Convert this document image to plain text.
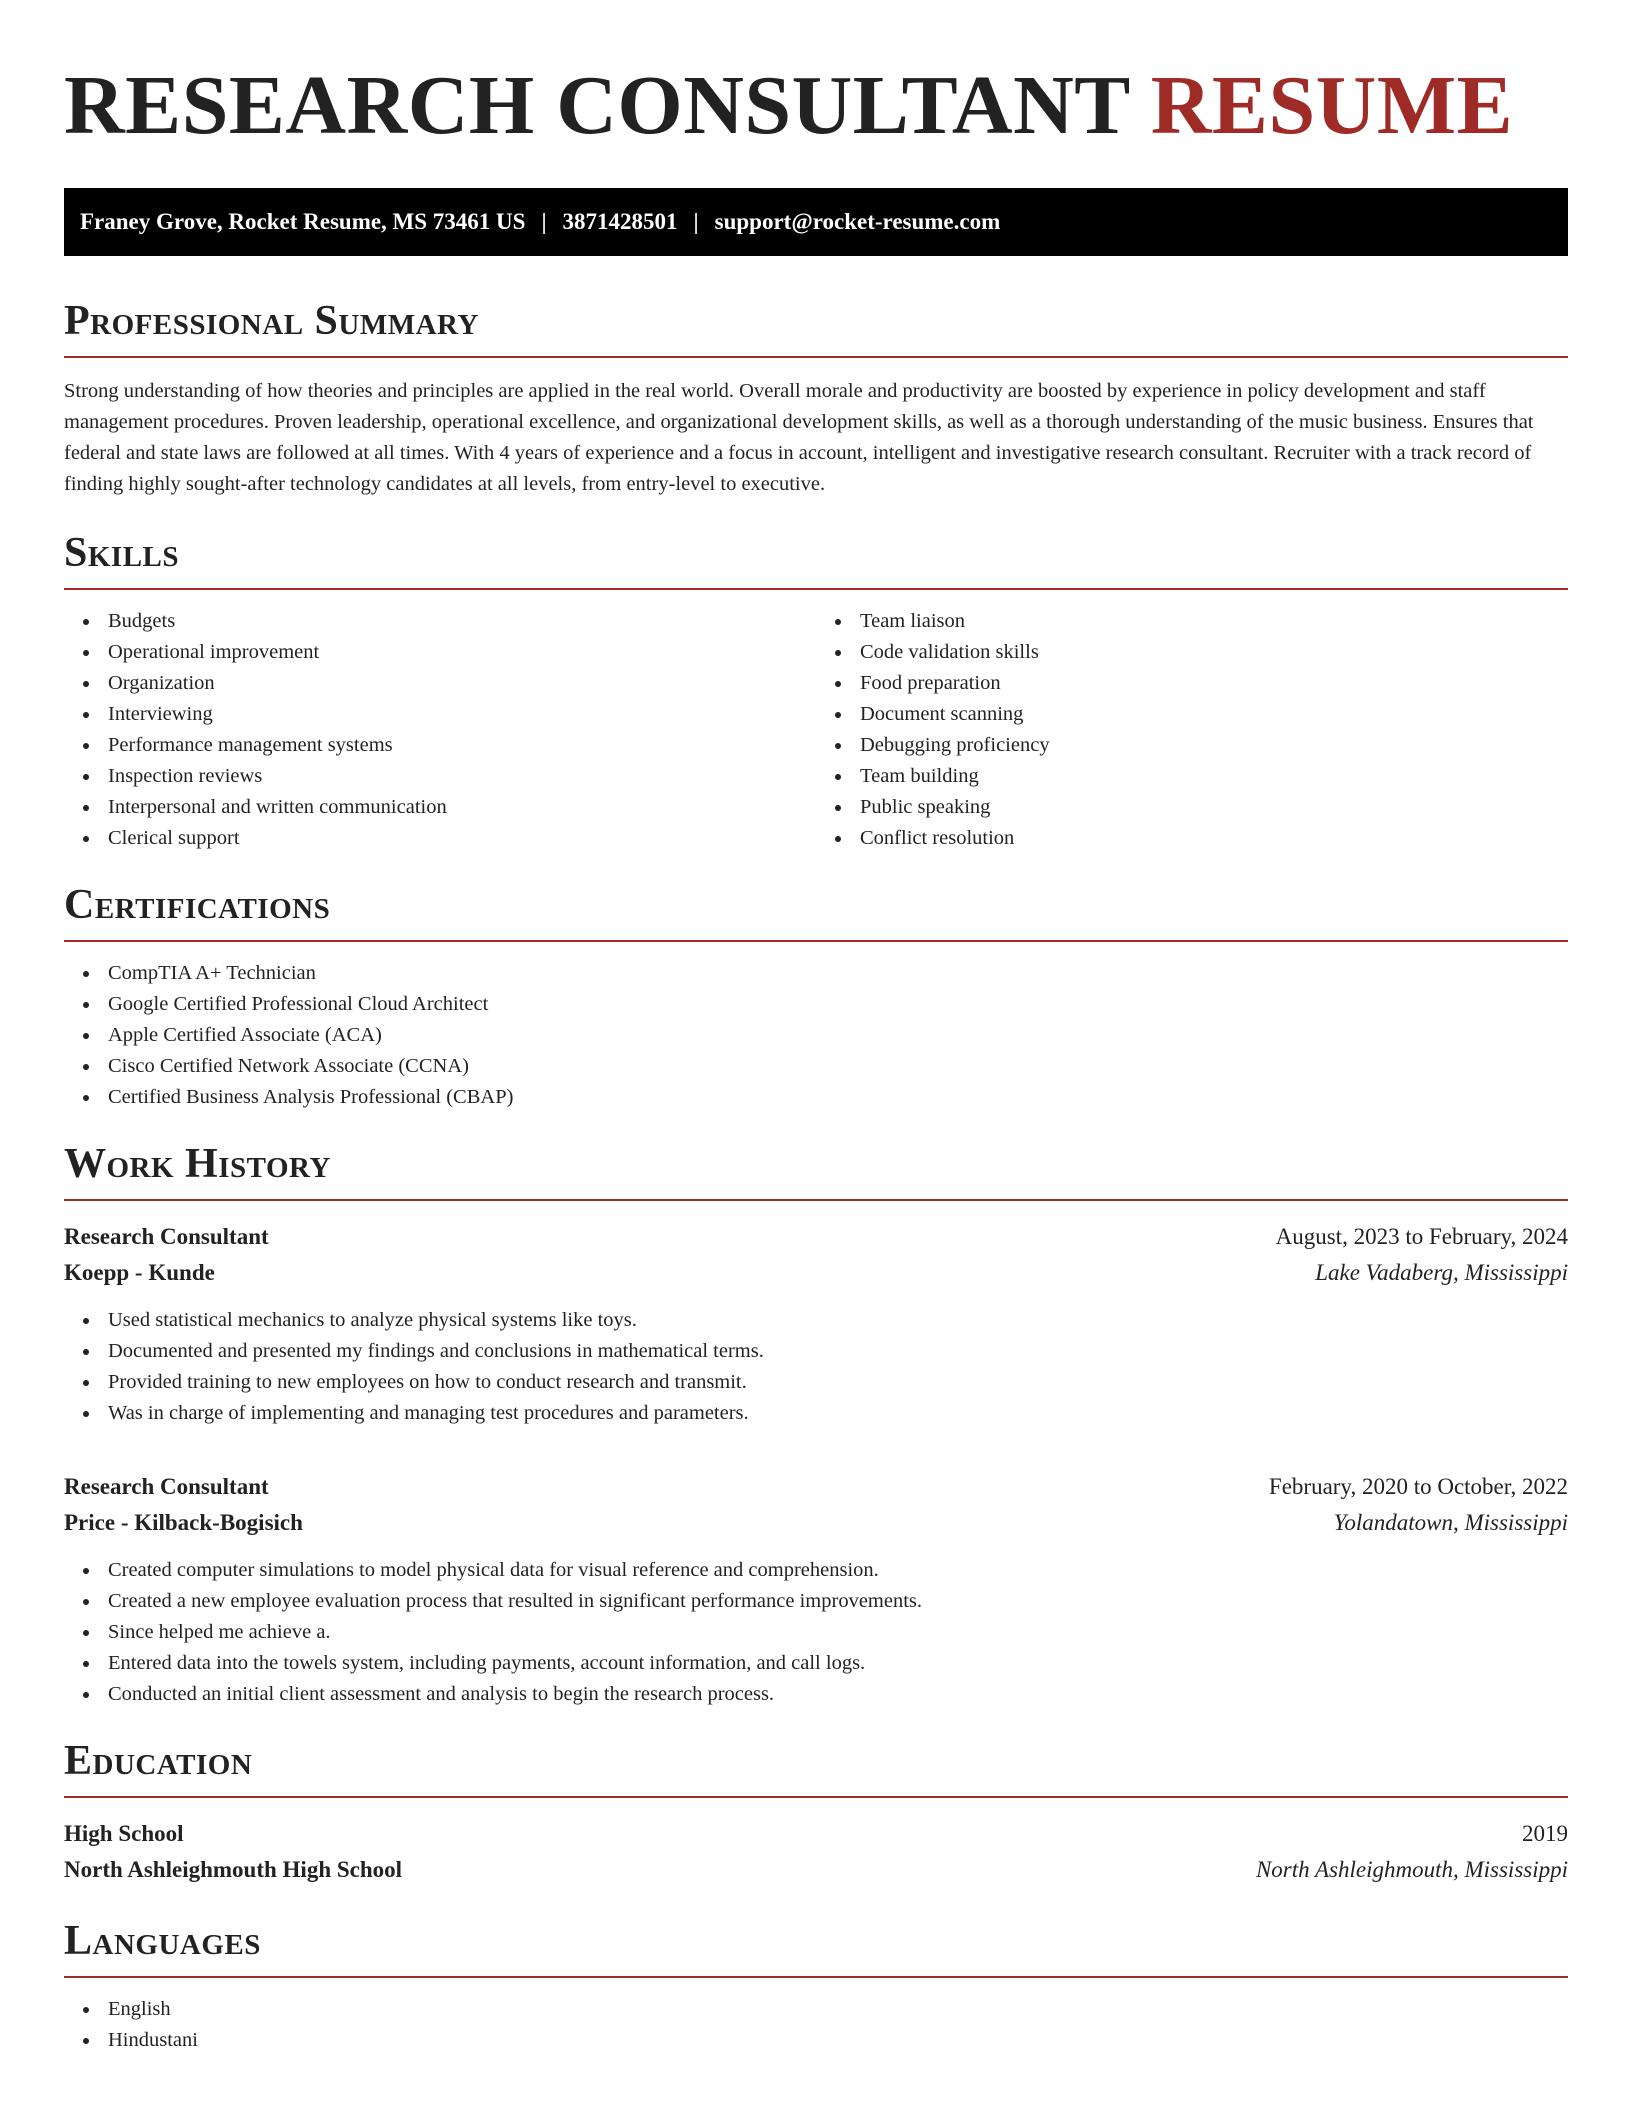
RESEARCH CONSULTANT RESUME
Franey Grove, Rocket Resume, MS 73461 US | 3871428501 | support@rocket-resume.com
Professional Summary

Strong understanding of how theories and principles are applied in the real world. Overall morale and productivity are boosted by experience in policy development and staff management procedures. Proven leadership, operational excellence, and organizational development skills, as well as a thorough understanding of the music business. Ensures that federal and state laws are followed at all times. With 4 years of experience and a focus in account, intelligent and investigative research consultant. Recruiter with a track record of finding highly sought-after technology candidates at all levels, from entry-level to executive.

Skills
Budgets
Operational improvement
Organization
Interviewing
Performance management systems
Inspection reviews
Interpersonal and written communication
Clerical support
Team liaison
Code validation skills
Food preparation
Document scanning
Debugging proficiency
Team building
Public speaking
Conflict resolution
Certifications
CompTIA A+ Technician
Google Certified Professional Cloud Architect
Apple Certified Associate (ACA)
Cisco Certified Network Associate (CCNA)
Certified Business Analysis Professional (CBAP)
Work History
Research Consultant	August, 2023 to February, 2024
Koepp - Kunde	Lake Vadaberg, Mississippi
Used statistical mechanics to analyze physical systems like toys.
Documented and presented my findings and conclusions in mathematical terms.
Provided training to new employees on how to conduct research and transmit.
Was in charge of implementing and managing test procedures and parameters.
Research Consultant	February, 2020 to October, 2022
Price - Kilback-Bogisich	Yolandatown, Mississippi
Created computer simulations to model physical data for visual reference and comprehension.
Created a new employee evaluation process that resulted in significant performance improvements.
Since helped me achieve a.
Entered data into the towels system, including payments, account information, and call logs.
Conducted an initial client assessment and analysis to begin the research process.
Education
High School	2019
North Ashleighmouth High School	North Ashleighmouth, Mississippi
Languages
English
Hindustani
